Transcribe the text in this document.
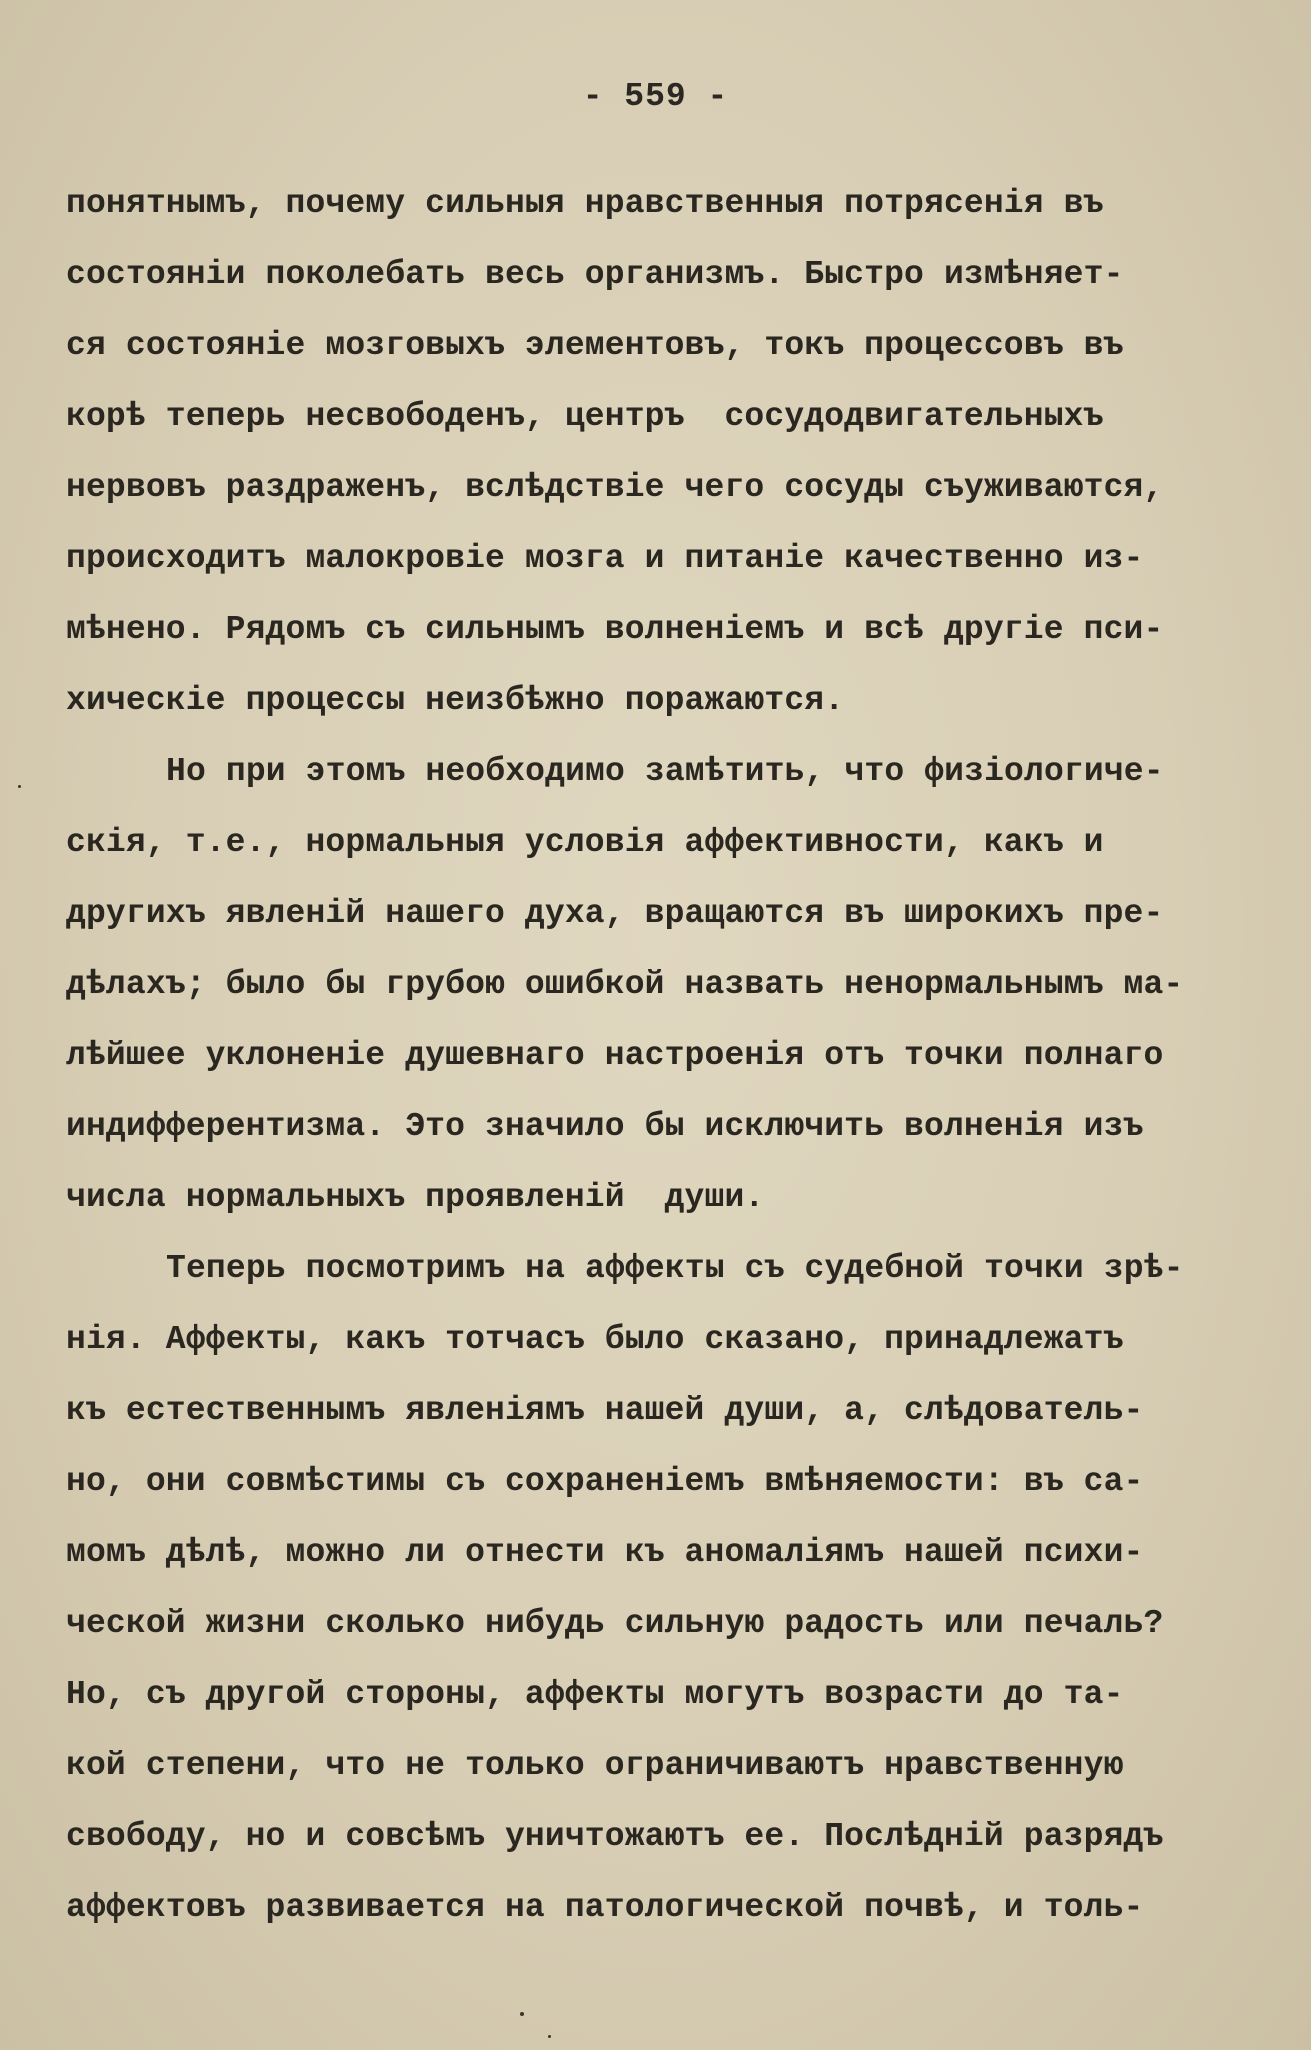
- 559 -
понятнымъ, почему сильныя нравственныя потрясенія въ
состояніи поколебать весь организмъ. Быстро измѣняет-
ся состояніе мозговыхъ элементовъ, токъ процессовъ въ
корѣ теперь несвободенъ, центръ  сосудодвигательныхъ
нервовъ раздраженъ, вслѣдствіе чего сосуды съуживаются,
происходитъ малокровіе мозга и питаніе качественно из-
мѣнено. Рядомъ съ сильнымъ волненіемъ и всѣ другіе пси-
хическіе процессы неизбѣжно поражаются.
Но при этомъ необходимо замѣтить, что физіологиче-
скія, т.е., нормальныя условія аффективности, какъ и
другихъ явленій нашего духа, вращаются въ широкихъ пре-
дѣлахъ; было бы грубою ошибкой назвать ненормальнымъ ма-
лѣйшее уклоненіе душевнаго настроенія отъ точки полнаго
индифферентизма. Это значило бы исключить волненія изъ
числа нормальныхъ проявленій  души.
Теперь посмотримъ на аффекты съ судебной точки зрѣ-
нія. Аффекты, какъ тотчасъ было сказано, принадлежатъ
къ естественнымъ явленіямъ нашей души, а, слѣдователь-
но, они совмѣстимы съ сохраненіемъ вмѣняемости: въ са-
момъ дѣлѣ, можно ли отнести къ аномаліямъ нашей психи-
ческой жизни сколько нибудь сильную радость или печаль?
Но, съ другой стороны, аффекты могутъ возрасти до та-
кой степени, что не только ограничиваютъ нравственную
свободу, но и совсѣмъ уничтожаютъ ее. Послѣдній разрядъ
аффектовъ развивается на патологической почвѣ, и толь-
